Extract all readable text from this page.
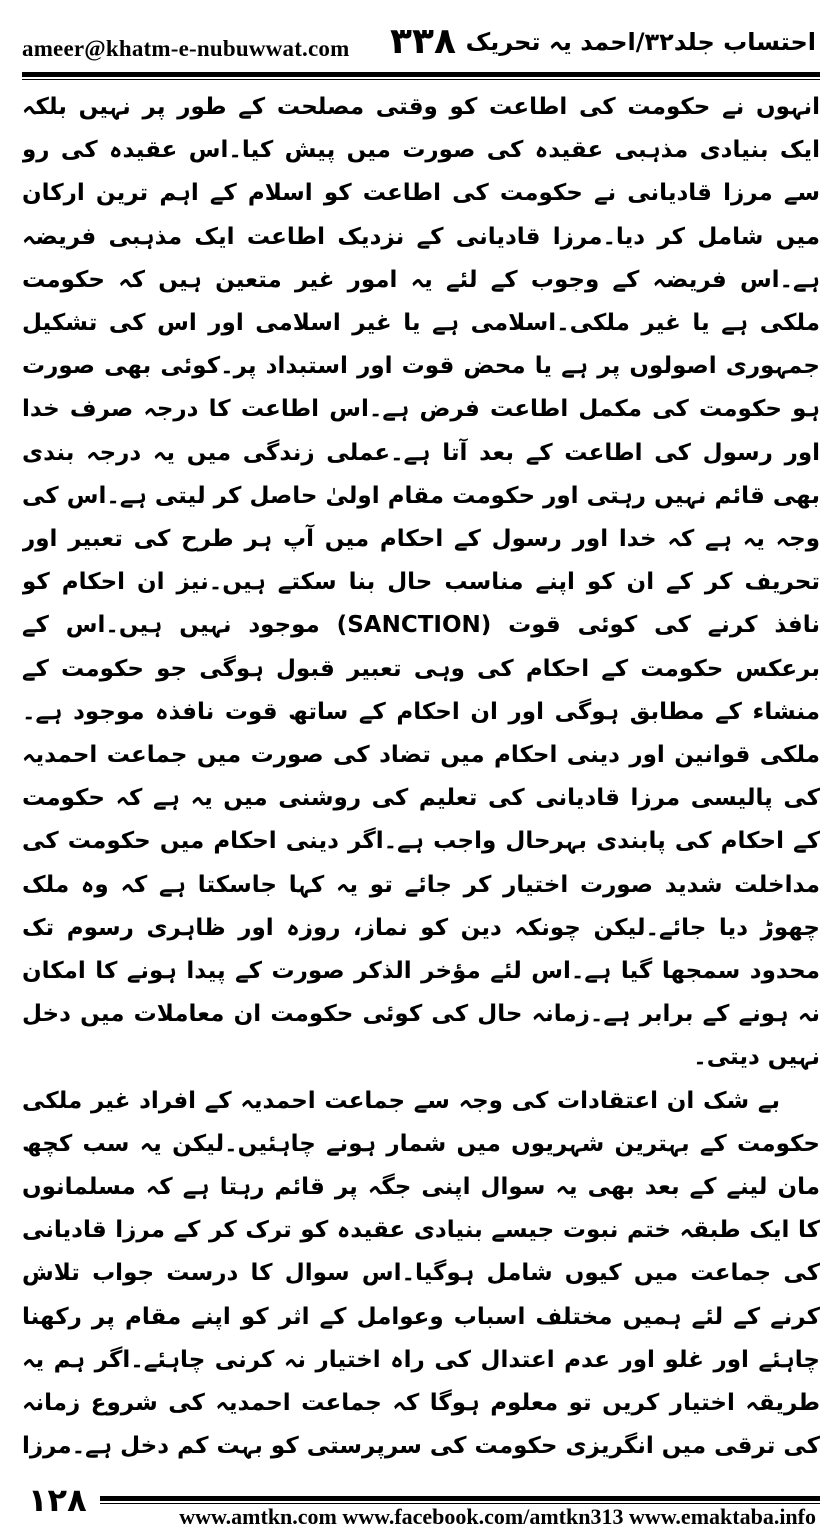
ameer@khatm-e-nubuwwat.com ۳۳۸ احتساب جلد۳۲/احمد یہ تحریک

انہوں نے حکومت کی اطاعت کو وقتی مصلحت کے طور پر نہیں بلکہ ایک بنیادی مذہبی عقیدہ کی صورت میں پیش کیا۔اس عقیدہ کی رو سے مرزا قادیانی نے حکومت کی اطاعت کو اسلام کے اہم ترین ارکان میں شامل کر دیا۔مرزا قادیانی کے نزدیک اطاعت ایک مذہبی فریضہ ہے۔اس فریضہ کے وجوب کے لئے یہ امور غیر متعین ہیں کہ حکومت ملکی ہے یا غیر ملکی۔اسلامی ہے یا غیر اسلامی اور اس کی تشکیل جمہوری اصولوں پر ہے یا محض قوت اور استبداد پر۔کوئی بھی صورت ہو حکومت کی مکمل اطاعت فرض ہے۔اس اطاعت کا درجہ صرف خدا اور رسول کی اطاعت کے بعد آتا ہے۔عملی زندگی میں یہ درجہ بندی بھی قائم نہیں رہتی اور حکومت مقام اولیٰ حاصل کر لیتی ہے۔اس کی وجہ یہ ہے کہ خدا اور رسول کے احکام میں آپ ہر طرح کی تعبیر اور تحریف کر کے ان کو اپنے مناسب حال بنا سکتے ہیں۔نیز ان احکام کو نافذ کرنے کی کوئی قوت (SANCTION) موجود نہیں ہیں۔اس کے برعکس حکومت کے احکام کی وہی تعبیر قبول ہوگی جو حکومت کے منشاء کے مطابق ہوگی اور ان احکام کے ساتھ قوت نافذہ موجود ہے۔ملکی قوانین اور دینی احکام میں تضاد کی صورت میں جماعت احمدیہ کی پالیسی مرزا قادیانی کی تعلیم کی روشنی میں یہ ہے کہ حکومت کے احکام کی پابندی بہرحال واجب ہے۔اگر دینی احکام میں حکومت کی مداخلت شدید صورت اختیار کر جائے تو یہ کہا جاسکتا ہے کہ وہ ملک چھوڑ دیا جائے۔لیکن چونکہ دین کو نماز، روزہ اور ظاہری رسوم تک محدود سمجھا گیا ہے۔اس لئے مؤخر الذکر صورت کے پیدا ہونے کا امکان نہ ہونے کے برابر ہے۔زمانہ حال کی کوئی حکومت ان معاملات میں دخل نہیں دیتی۔

بے شک ان اعتقادات کی وجہ سے جماعت احمدیہ کے افراد غیر ملکی حکومت کے بہترین شہریوں میں شمار ہونے چاہئیں۔لیکن یہ سب کچھ مان لینے کے بعد بھی یہ سوال اپنی جگہ پر قائم رہتا ہے کہ مسلمانوں کا ایک طبقہ ختم نبوت جیسے بنیادی عقیدہ کو ترک کر کے مرزا قادیانی کی جماعت میں کیوں شامل ہوگیا۔اس سوال کا درست جواب تلاش کرنے کے لئے ہمیں مختلف اسباب وعوامل کے اثر کو اپنے مقام پر رکھنا چاہئے اور غلو اور عدم اعتدال کی راہ اختیار نہ کرنی چاہئے۔اگر ہم یہ طریقہ اختیار کریں تو معلوم ہوگا کہ جماعت احمدیہ کی شروع زمانہ کی ترقی میں انگریزی حکومت کی سرپرستی کو بہت کم دخل ہے۔مرزا

۱۲۸	www.amtkn.com www.facebook.com/amtkn313 www.emaktaba.info
